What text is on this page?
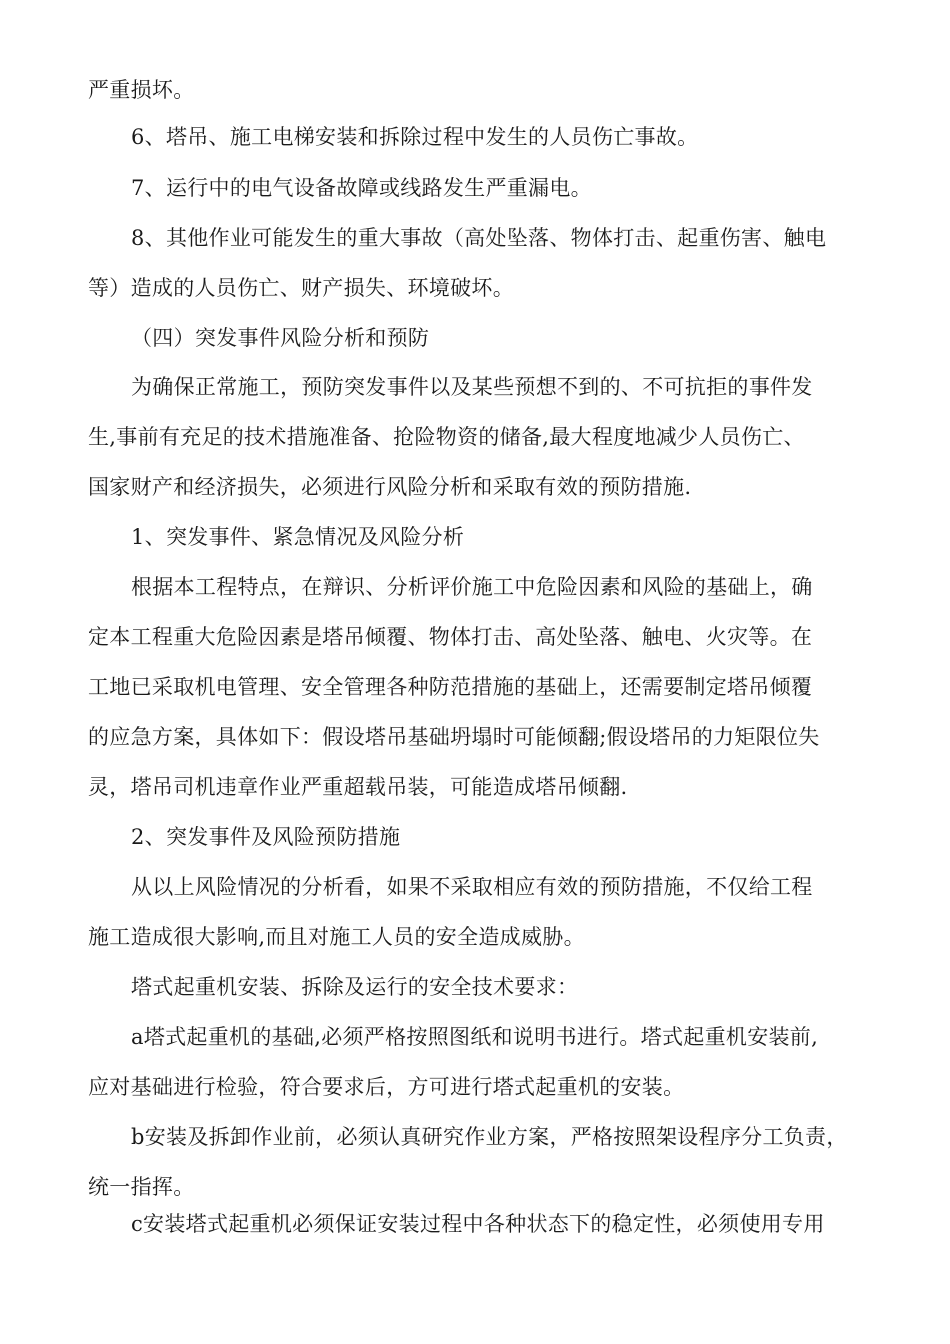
严重损坏。
6、塔吊、施工电梯安装和拆除过程中发生的人员伤亡事故。
7、运行中的电气设备故障或线路发生严重漏电。
8、其他作业可能发生的重大事故（高处坠落、物体打击、起重伤害、触电
等）造成的人员伤亡、财产损失、环境破坏。
（四）突发事件风险分析和预防
为确保正常施工，预防突发事件以及某些预想不到的、不可抗拒的事件发
生,事前有充足的技术措施准备、抢险物资的储备,最大程度地减少人员伤亡、
国家财产和经济损失，必须进行风险分析和采取有效的预防措施.
1、突发事件、紧急情况及风险分析
根据本工程特点，在辩识、分析评价施工中危险因素和风险的基础上，确
定本工程重大危险因素是塔吊倾覆、物体打击、高处坠落、触电、火灾等。在
工地已采取机电管理、安全管理各种防范措施的基础上，还需要制定塔吊倾覆
的应急方案，具体如下：假设塔吊基础坍塌时可能倾翻;假设塔吊的力矩限位失
灵，塔吊司机违章作业严重超载吊装，可能造成塔吊倾翻.
2、突发事件及风险预防措施
从以上风险情况的分析看，如果不采取相应有效的预防措施，不仅给工程
施工造成很大影响,而且对施工人员的安全造成威胁。
塔式起重机安装、拆除及运行的安全技术要求：
a塔式起重机的基础,必须严格按照图纸和说明书进行。塔式起重机安装前,
应对基础进行检验，符合要求后，方可进行塔式起重机的安装。
b安装及拆卸作业前，必须认真研究作业方案，严格按照架设程序分工负责，
统一指挥。
c安装塔式起重机必须保证安装过程中各种状态下的稳定性，必须使用专用
